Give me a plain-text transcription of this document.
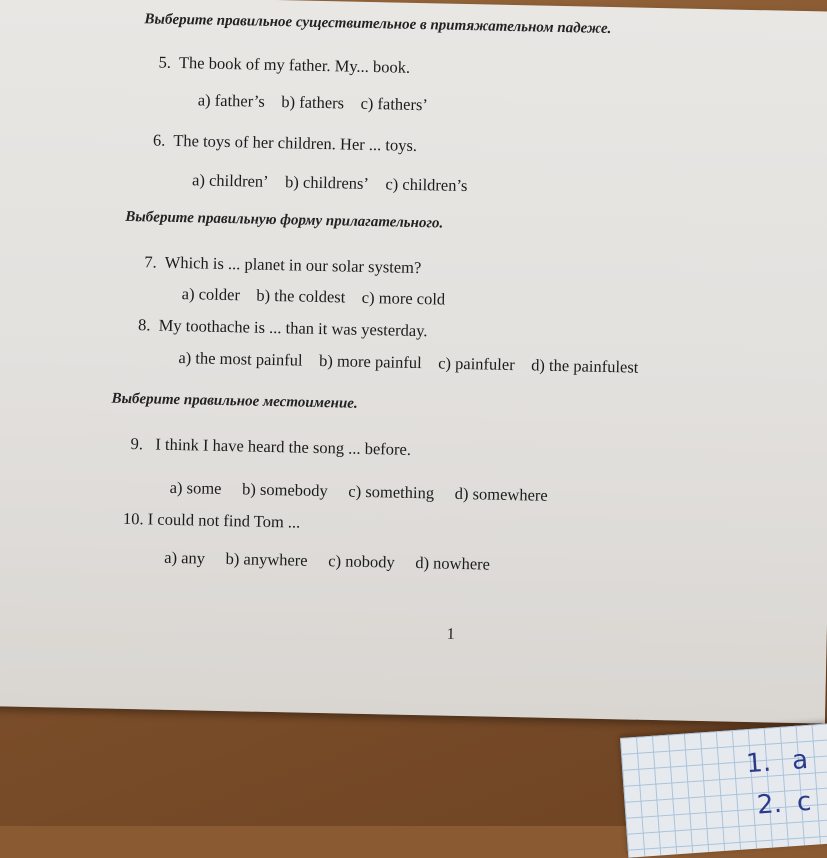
Выберите правильное существительное в притяжательном падеже.
5. The book of my father. My... book.
a) father’s b) fathers c) fathers’
6. The toys of her children. Her ... toys.
a) children’ b) childrens’ c) children’s
Выберите правильную форму прилагательного.
7. Which is ... planet in our solar system?
a) colder b) the coldest c) more cold
8. My toothache is ... than it was yesterday.
a) the most painful b) more painful c) painfuler d) the painfulest
Выберите правильное местоимение.
9. I think I have heard the song ... before.
a) some b) somebody c) something d) somewhere
10. I could not find Tom ...
a) any b) anywhere c) nobody d) nowhere
1
1. a
2. c
